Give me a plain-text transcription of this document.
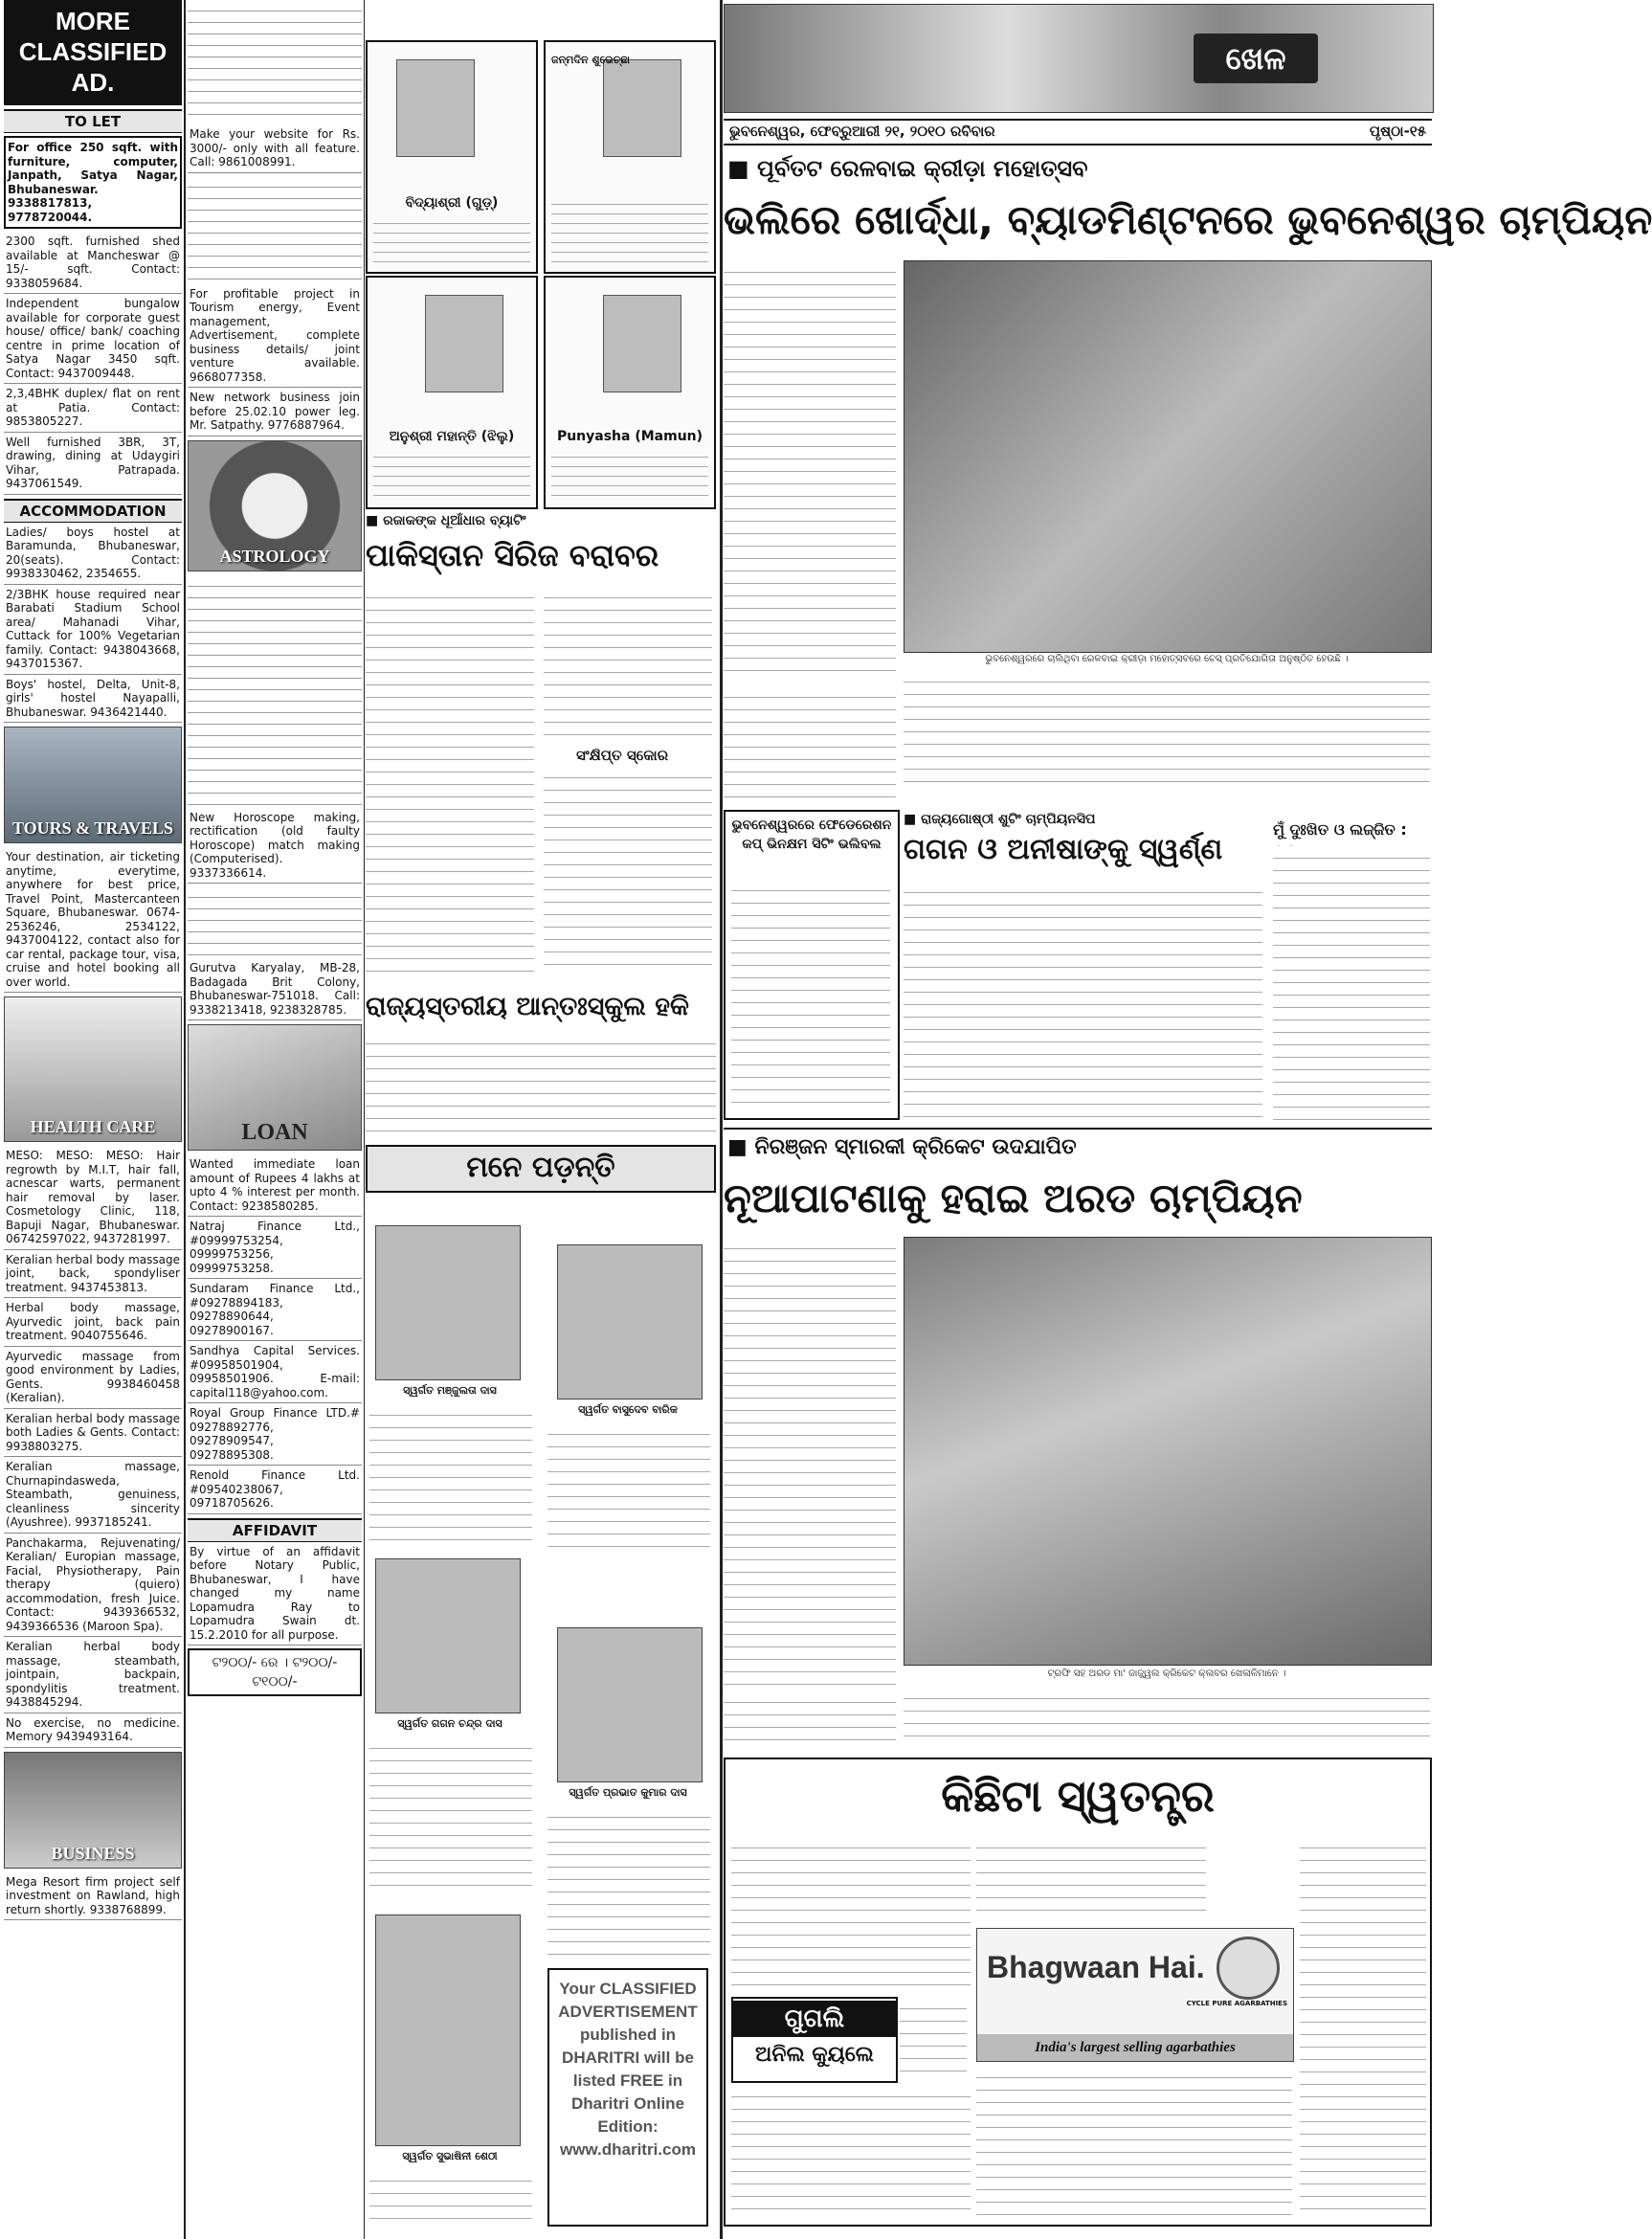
MORE CLASSIFIED AD.
TO LET
For office 250 sqft. with furniture, computer, Janpath, Satya Nagar, Bhubaneswar. 9338817813, 9778720044.
2300 sqft. furnished shed available at Mancheswar @ 15/- sqft. Contact: 9338059684.
Independent bungalow available for corporate guest house/ office/ bank/ coaching centre in prime location of Satya Nagar 3450 sqft. Contact: 9437009448.
2,3,4BHK duplex/ flat on rent at Patia. Contact: 9853805227.
Well furnished 3BR, 3T, drawing, dining at Udaygiri Vihar, Patrapada. 9437061549.
ACCOMMODATION
Ladies/ boys hostel at Baramunda, Bhubaneswar, 20(seats). Contact: 9938330462, 2354655.
2/3BHK house required near Barabati Stadium School area/ Mahanadi Vihar, Cuttack for 100% Vegetarian family. Contact: 9438043668, 9437015367.
Boys' hostel, Delta, Unit-8, girls' hostel Nayapalli, Bhubaneswar. 9436421440.
TOURS & TRAVELS
Your destination, air ticketing anytime, everytime, anywhere for best price, Travel Point, Mastercanteen Square, Bhubaneswar. 0674-2536246, 2534122, 9437004122, contact also for car rental, package tour, visa, cruise and hotel booking all over world.
HEALTH CARE
MESO: MESO: MESO: Hair regrowth by M.I.T, hair fall, acnescar warts, permanent hair removal by laser. Cosmetology Clinic, 118, Bapuji Nagar, Bhubaneswar. 06742597022, 9437281997.
Keralian herbal body massage joint, back, spondyliser treatment. 9437453813.
Herbal body massage, Ayurvedic joint, back pain treatment. 9040755646.
Ayurvedic massage from good environment by Ladies, Gents. 9938460458 (Keralian).
Keralian herbal body massage both Ladies & Gents. Contact: 9938803275.
Keralian massage, Churnapindasweda, Steambath, genuiness, cleanliness sincerity (Ayushree). 9937185241.
Panchakarma, Rejuvenating/ Keralian/ Europian massage, Facial, Physiotherapy, Pain therapy (quiero) accommodation, fresh Juice. Contact: 9439366532, 9439366536 (Maroon Spa).
Keralian herbal body massage, steambath, jointpain, backpain, spondylitis treatment. 9438845294.
No exercise, no medicine. Memory 9439493164.
BUSINESS
Mega Resort firm project self investment on Rawland, high return shortly. 9338768899.
Make your website for Rs. 3000/- only with all feature. Call: 9861008991.
For profitable project in Tourism energy, Event management, Advertisement, complete business details/ joint venture available. 9668077358.
New network business join before 25.02.10 power leg. Mr. Satpathy. 9776887964.
ASTROLOGY
New Horoscope making, rectification (old faulty Horoscope) match making (Computerised). 9337336614.
Gurutva Karyalay, MB-28, Badagada Brit Colony, Bhubaneswar-751018. Call: 9338213418, 9238328785.
LOAN
Wanted immediate loan amount of Rupees 4 lakhs at upto 4 % interest per month. Contact: 9238580285.
Natraj Finance Ltd., #09999753254, 09999753256, 09999753258.
Sundaram Finance Ltd., #09278894183, 09278890644, 09278900167.
Sandhya Capital Services. #09958501904, 09958501906. E-mail: capital118@yahoo.com.
Royal Group Finance LTD.# 09278892776, 09278909547, 09278895308.
Renold Finance Ltd. #09540238067, 09718705626.
AFFIDAVIT
By virtue of an affidavit before Notary Public, Bhubaneswar, I have changed my name Lopamudra Ray to Lopamudra Swain dt. 15.2.2010 for all purpose.
ଟ୨୦୦/- ରେ । ଟ୨୦୦/- ଟ୧୦୦/-
ବିଦ୍ୟାଶ୍ରୀ (ଗୁଡ଼୍)
ଜନ୍ମଦିନ ଶୁଭେଚ୍ଛା
ଅନୁଶ୍ରୀ ମହାନ୍ତି (ଝିଲୁ)	Punyasha (Mamun)
■ ରଜାକଙ୍କ ଧୂଆଁଧାର ବ୍ୟାଟିଂ
ପାକିସ୍ତାନ ସିରିଜ ବରାବର
ସଂକ୍ଷିପ୍ତ ସ୍କୋର
ରାଜ୍ୟସ୍ତରୀୟ ଆନ୍ତଃସ୍କୁଲ ହକି
ମନେ ପଡ଼ନ୍ତି
ସ୍ୱର୍ଗତ ମଞ୍ଜୁଲତା ଦାସ
ସ୍ୱର୍ଗତ ବାସୁଦେବ ବାରିକ
ସ୍ୱର୍ଗତ ଗଗନ ଚନ୍ଦ୍ର ଦାସ
ସ୍ୱର୍ଗତ ପ୍ରଭାତ କୁମାର ଦାସ
ସ୍ୱର୍ଗତ ସୁଭାଷିନୀ ଶେଠୀ
Your CLASSIFIED ADVERTISEMENT published in DHARITRI will be listed FREE in Dharitri Online Edition: www.dharitri.com
ଖେଳ
ଭୁବନେଶ୍ୱର, ଫେବ୍ରୁଆରୀ ୨୧, ୨୦୧୦ ରବିବାର	ପୃଷ୍ଠା-୧୫
■ ପୂର୍ବତଟ ରେଳବାଇ କ୍ରୀଡ଼ା ମହୋତ୍ସବ
ଭଲିରେ ଖୋର୍ଦ୍ଧା, ବ୍ୟାଡମିଣ୍ଟନରେ ଭୁବନେଶ୍ୱର ଚାମ୍ପିୟନ
ଭୁବନେଶ୍ୱରରେ ଚାଲିଥିବା ରେଳବାଇ କ୍ରୀଡ଼ା ମହୋତ୍ସବରେ ଚେସ୍ ପ୍ରତିଯୋଗିତା ଅନୁଷ୍ଠିତ ହେଉଛି ।
ଭୁବନେଶ୍ୱରରେ ଫେଡେରେଶନ କପ୍ ଭିନକ୍ଷମ ସିଟିଂ ଭଲିବଲ
■ ରାଜ୍ୟଗୋଷ୍ଠୀ ଶୁଟିଂ ଚାମ୍ପିୟନସିପ
ଗଗନ ଓ ଅନୀଷାଙ୍କୁ ସ୍ୱର୍ଣ୍ଣ
ମୁଁ ଦୁଃଖିତ ଓ ଲଜ୍ଜିତ :
■ ନିରଞ୍ଜନ ସ୍ମାରକୀ କ୍ରିକେଟ ଉଦଯାପିତ
ନୂଆପାଟଣାକୁ ହରାଇ ଅରଡ ଚାମ୍ପିୟନ
ଟ୍ରଫି ସହ ଅରଡ ମା' ଜାଜ୍ଜ୍ୱଲ କ୍ରିକେଟ କ୍ଲବର ଖେଳାଳିମାନେ ।
କିଛିଟା ସ୍ୱତନ୍ତ୍ର
ଗୁଗଲି
ଅନିଲ କୁୟଲେ
Bhagwaan Hai.
CYCLE PURE AGARBATHIES
India's largest selling agarbathies
